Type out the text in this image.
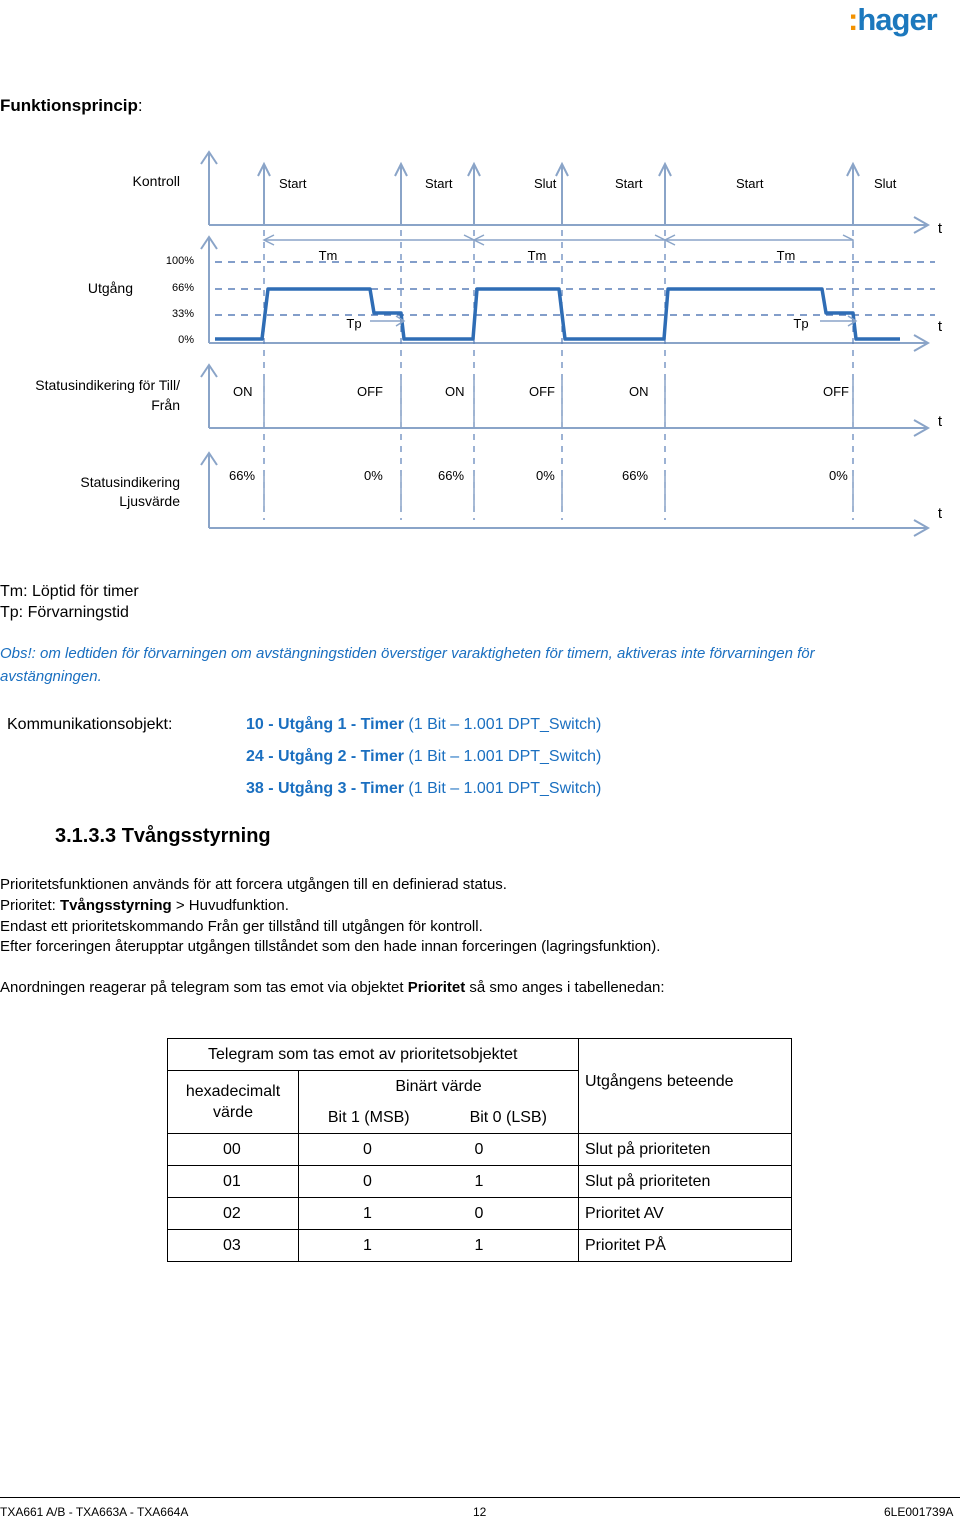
:hager
Funktionsprincip:
Kontroll
Utgång
Statusindikering för Till/
Från
Statusindikering
Ljusvärde
t
t
t
t
100%
66%
33%
0%
Start	Start	Slut	Start	Start	Slut
Tm	Tm	Tm
Tp	Tp
ON	OFF	ON	OFF	ON	OFF
66%	0%	66%	0%	66%	0%
Tm: Löptid för timer
Tp: Förvarningstid
Obs!: om ledtiden för förvarningen om avstängningstiden överstiger varaktigheten för timern, aktiveras inte förvarningen för
avstängningen.
Kommunikationsobjekt:	10 - Utgång 1 - Timer (1 Bit – 1.001 DPT_Switch)
24 - Utgång 2 - Timer (1 Bit – 1.001 DPT_Switch)
38 - Utgång 3 - Timer (1 Bit – 1.001 DPT_Switch)
3.1.3.3 Tvångsstyrning
Prioritetsfunktionen används för att forcera utgången till en definierad status.
Prioritet: Tvångsstyrning > Huvudfunktion.
Endast ett prioritetskommando Från ger tillstånd till utgången för kontroll.
Efter forceringen återupptar utgången tillståndet som den hade innan forceringen (lagringsfunktion).
Anordningen reagerar på telegram som tas emot via objektet Prioritet så smo anges i tabellenedan:
Telegram som tas emot av prioritetsobjektet			Utgångens beteende
hexadecimalt
värde	Binärt värde		
	Bit 1 (MSB)	Bit 0 (LSB)	
00	0	0	Slut på prioriteten
01	0	1	Slut på prioriteten
02	1	0	Prioritet AV
03	1	1	Prioritet PÅ
TXA661 A/B - TXA663A - TXA664A	12	6LE001739A
